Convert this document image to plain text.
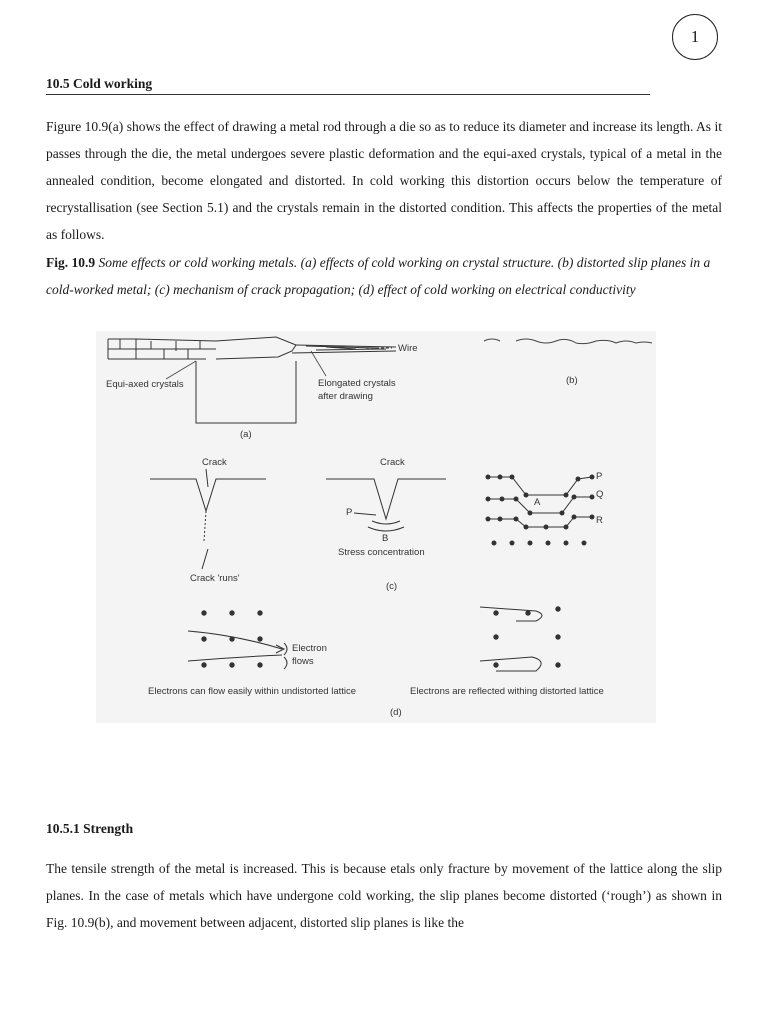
1
10.5 Cold working
Figure 10.9(a) shows the effect of drawing a metal rod through a die so as to reduce its diameter and increase its length. As it passes through the die, the metal undergoes severe plastic deformation and the equi-axed crystals, typical of a metal in the annealed condition, become elongated and distorted. In cold working this distortion occurs below the temperature of recrystallisation (see Section 5.1) and the crystals remain in the distorted condition. This affects the properties of the metal as follows.
Fig. 10.9 Some effects or cold working metals. (a) effects of cold working on crystal structure. (b) distorted slip planes in a cold-worked metal; (c) mechanism of crack propagation; (d) effect of cold working on electrical conductivity
Wire
Equi-axed crystals	Elongated crystals
after drawing
(a)
(b)
Crack
Crack 'runs'
Crack
P
B
Stress concentration
P
Q
A
R
(c)
Electron
flows
Electrons can flow easily within undistorted lattice	Electrons are reflected withing distorted lattice
(d)
10.5.1 Strength
The tensile strength of the metal is increased. This is because etals only fracture by movement of the lattice along the slip planes. In the case of metals which have undergone cold working, the slip planes become distorted (‘rough’) as shown in Fig. 10.9(b), and movement between adjacent, distorted slip planes is like the
